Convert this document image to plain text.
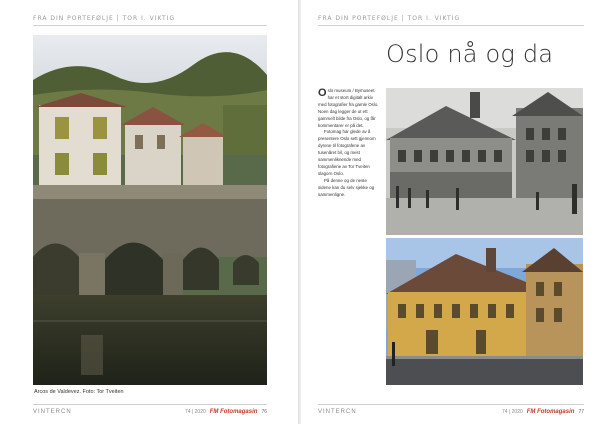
FRA DIN PORTEFØLJE | TOR I. VIKTIG
Arcos de Valdevez. Foto: Tor Tveiten
VINTERCN	74 | 2020 FM Fotomagasin 76
FRA DIN PORTEFØLJE | TOR I. VIKTIG
VINTERCN	74 | 2020 FM Fotomagasin 77
Oslo nå og da

Oslo museum / Bymuseet har et stort digitalt arkiv med fotografier fra gamle Oslo. Noen dag legger de ut ett gammelt bilde fra Oslo, og får kommentarer er på det.

Fotomag har glede av å presentere Oslo sett gjennom dyrene til fotografene av tusenåret bil, og mest sammenliknende med fotografiene av Tor Tveiten slagorn Oslo.

På denne og de neste sidene kan du selv sjekke og sammenligne.
